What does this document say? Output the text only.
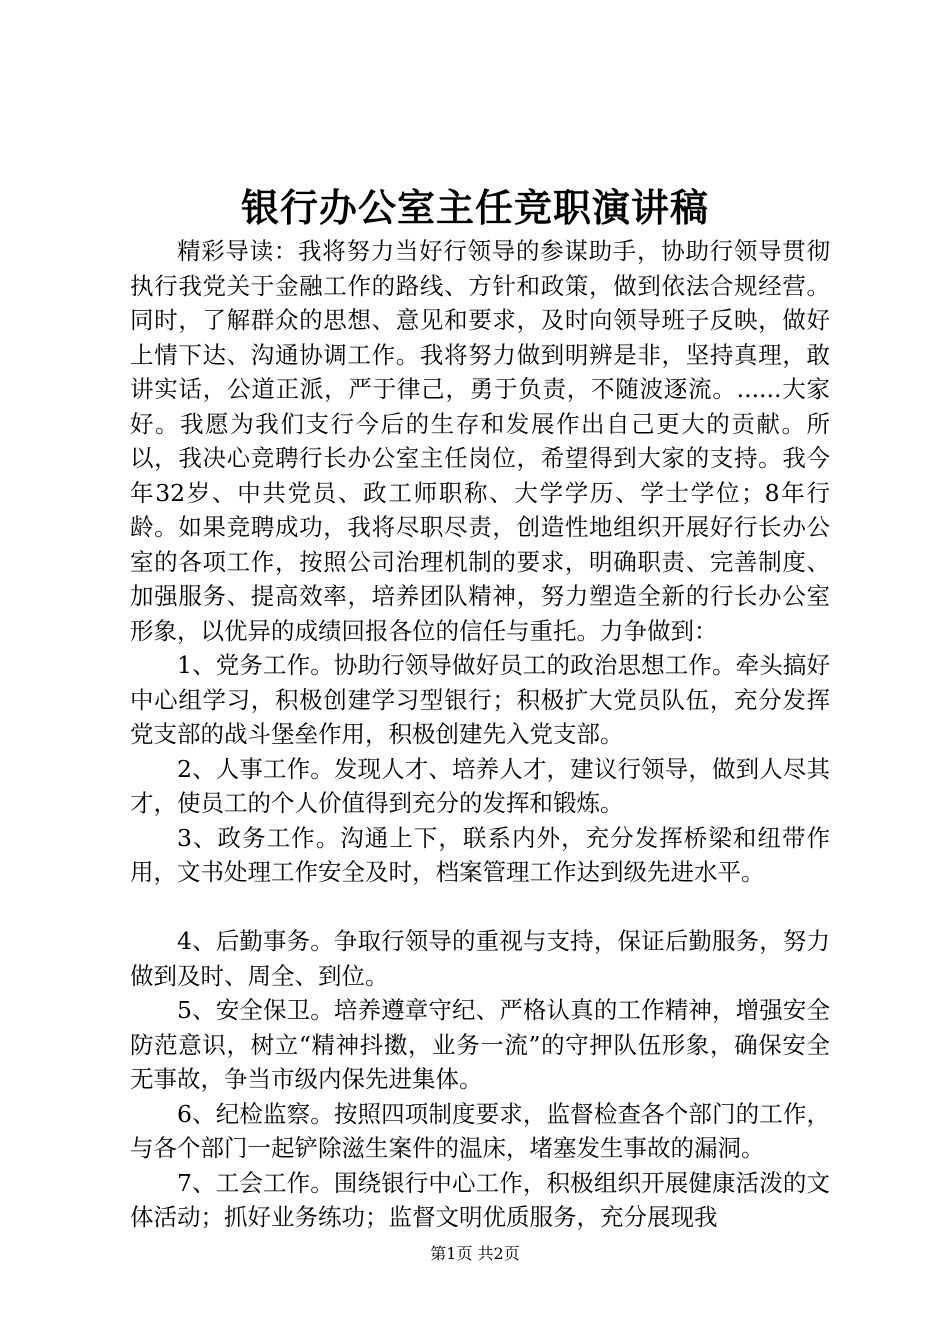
银行办公室主任竞职演讲稿

精彩导读：我将努力当好行领导的参谋助手，协助行领导贯彻执行我党关于金融工作的路线、方针和政策，做到依法合规经营。同时，了解群众的思想、意见和要求，及时向领导班子反映，做好上情下达、沟通协调工作。我将努力做到明辨是非，坚持真理，敢讲实话，公道正派，严于律己，勇于负责，不随波逐流。......大家好。我愿为我们支行今后的生存和发展作出自己更大的贡献。所以，我决心竞聘行长办公室主任岗位，希望得到大家的支持。我今年32岁、中共党员、政工师职称、大学学历、学士学位；8年行龄。如果竞聘成功，我将尽职尽责，创造性地组织开展好行长办公室的各项工作，按照公司治理机制的要求，明确职责、完善制度、加强服务、提高效率，培养团队精神，努力塑造全新的行长办公室形象，以优异的成绩回报各位的信任与重托。力争做到：

1、党务工作。协助行领导做好员工的政治思想工作。牵头搞好中心组学习，积极创建学习型银行；积极扩大党员队伍，充分发挥党支部的战斗堡垒作用，积极创建先入党支部。

2、人事工作。发现人才、培养人才，建议行领导，做到人尽其才，使员工的个人价值得到充分的发挥和锻炼。

3、政务工作。沟通上下，联系内外，充分发挥桥梁和纽带作用，文书处理工作安全及时，档案管理工作达到级先进水平。

4、后勤事务。争取行领导的重视与支持，保证后勤服务，努力做到及时、周全、到位。

5、安全保卫。培养遵章守纪、严格认真的工作精神，增强安全防范意识，树立“精神抖擞，业务一流”的守押队伍形象，确保安全无事故，争当市级内保先进集体。

6、纪检监察。按照四项制度要求，监督检查各个部门的工作，与各个部门一起铲除滋生案件的温床，堵塞发生事故的漏洞。

7、工会工作。围绕银行中心工作，积极组织开展健康活泼的文体活动；抓好业务练功；监督文明优质服务，充分展现我

第1页 共2页
